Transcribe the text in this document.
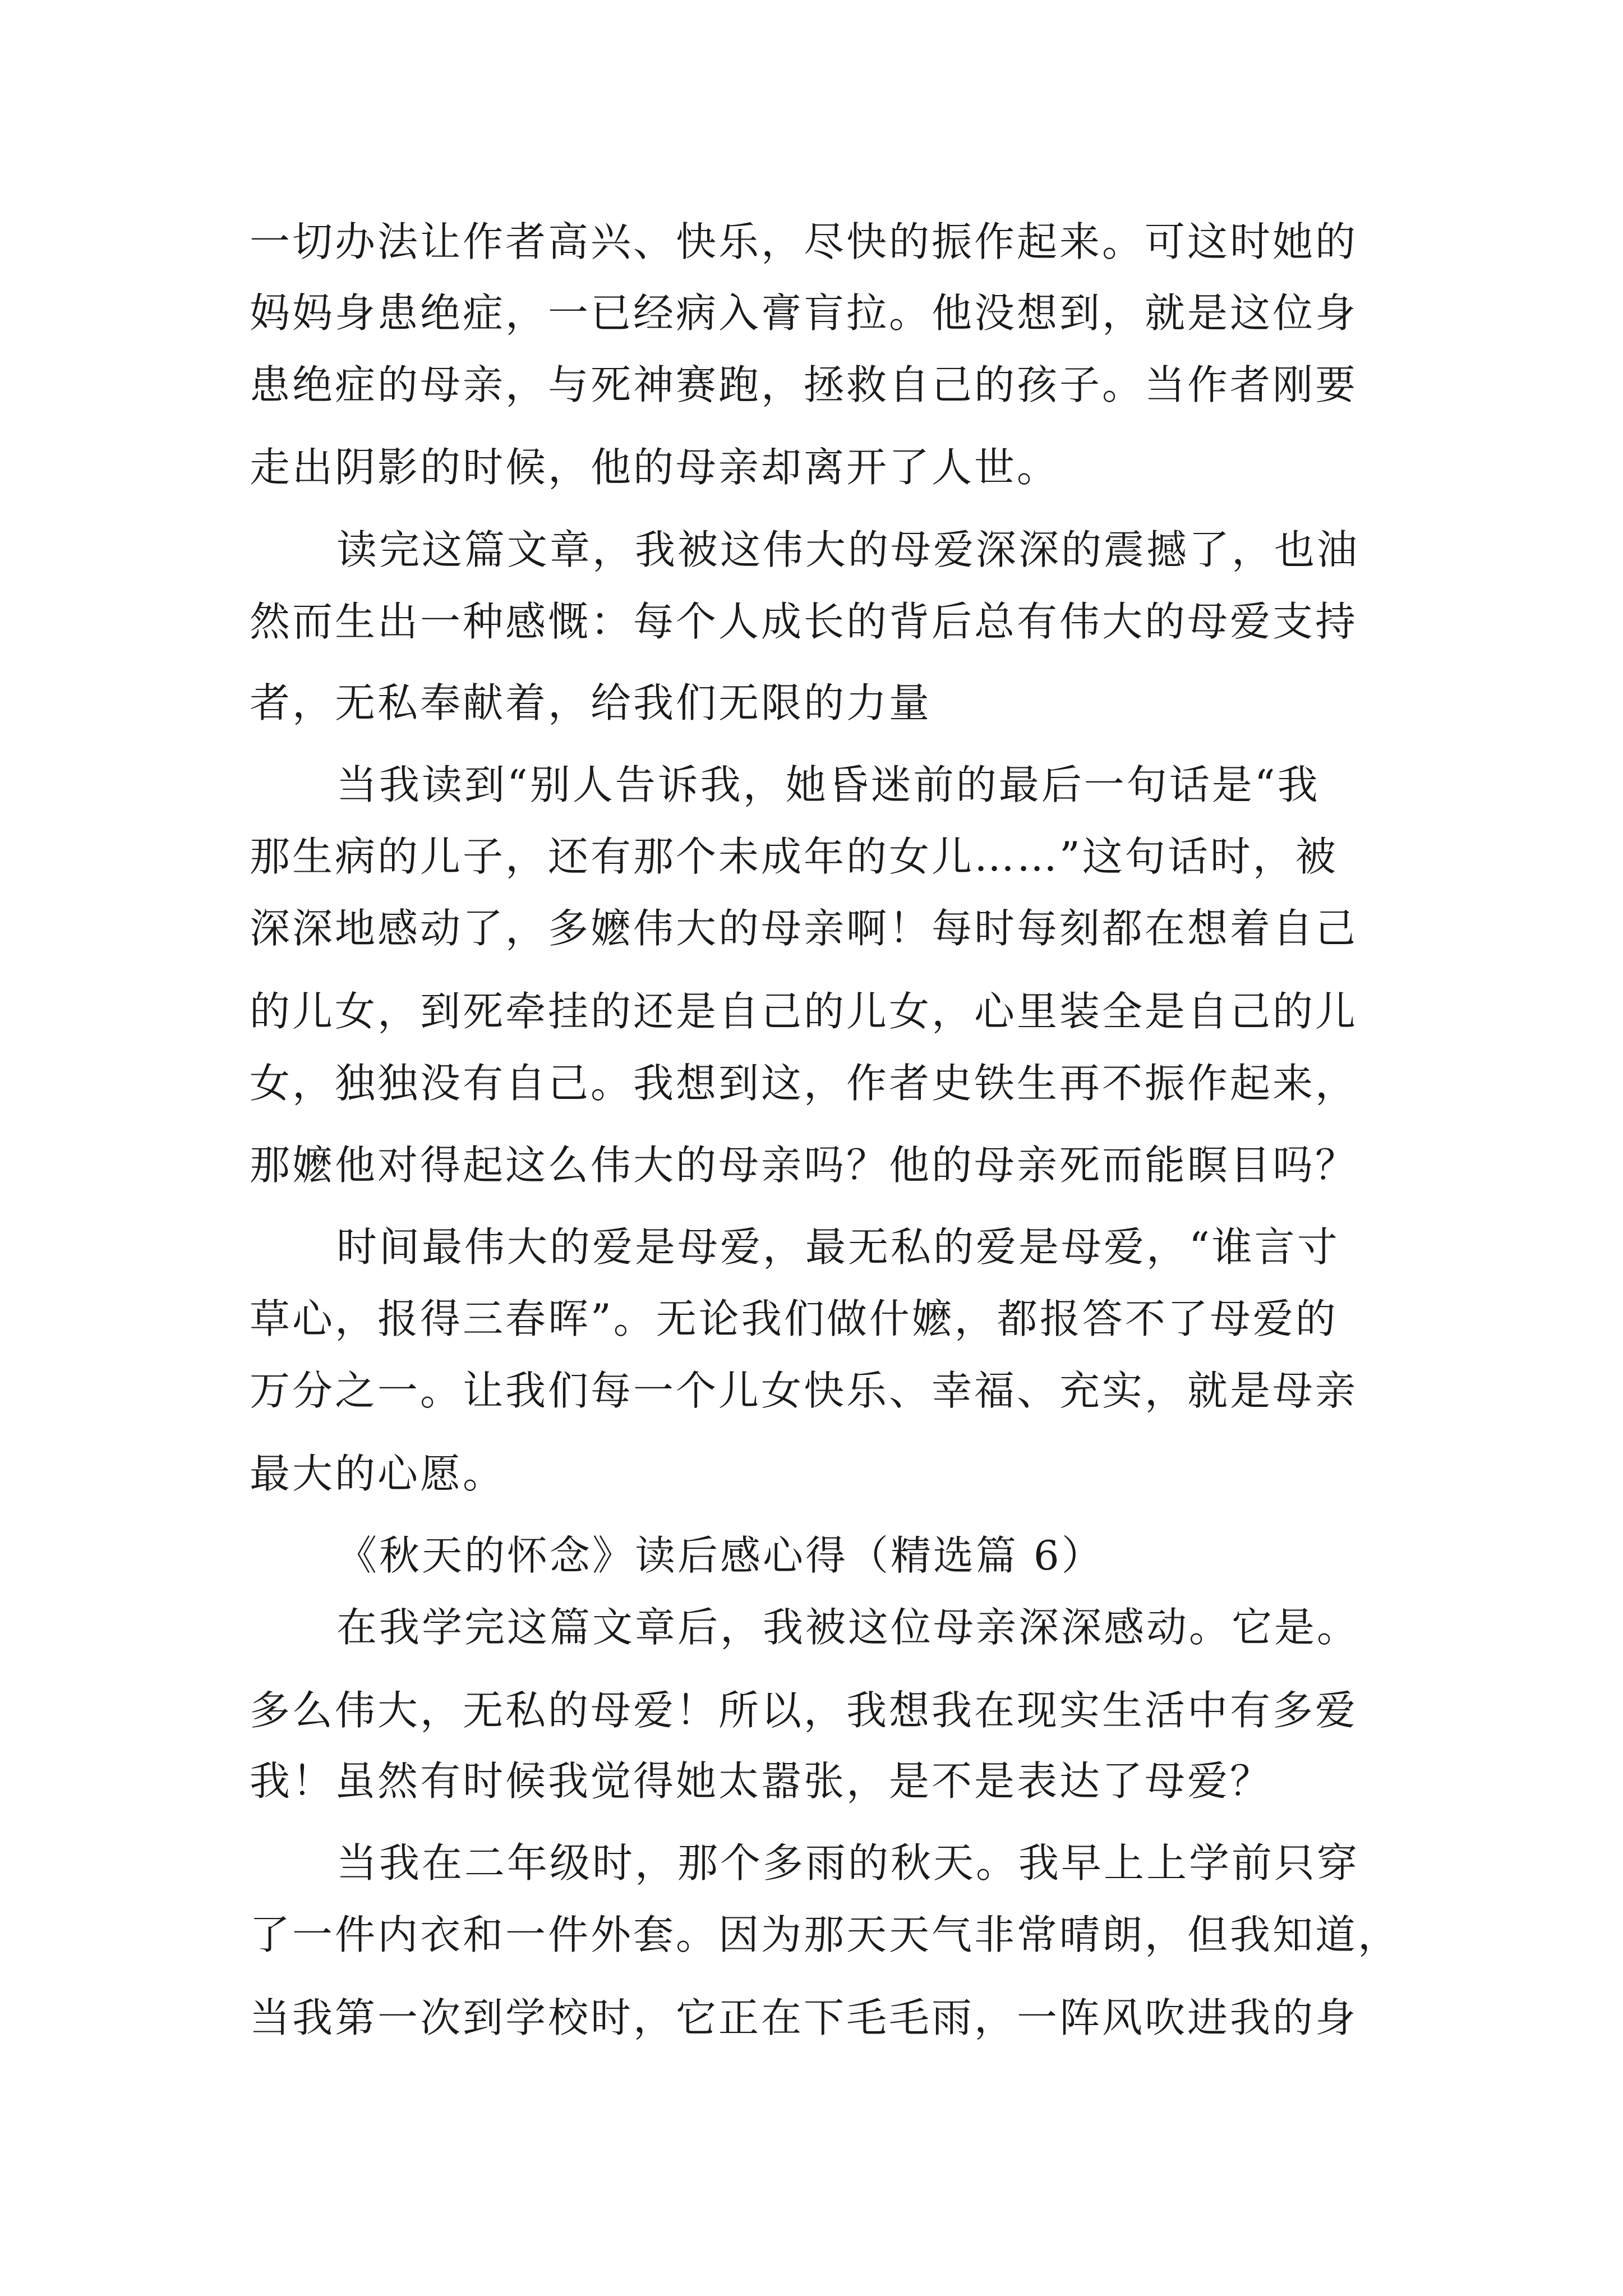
一切办法让作者高兴、快乐，尽快的振作起来。可这时她的
妈妈身患绝症，一已经病入膏肓拉。他没想到，就是这位身
患绝症的母亲，与死神赛跑，拯救自己的孩子。当作者刚要
走出阴影的时候，他的母亲却离开了人世。
读完这篇文章，我被这伟大的母爱深深的震撼了，也油
然而生出一种感慨：每个人成长的背后总有伟大的母爱支持
者，无私奉献着，给我们无限的力量
当我读到“别人告诉我，她昏迷前的最后一句话是“我
那生病的儿子，还有那个未成年的女儿……”这句话时，被
深深地感动了，多嬷伟大的母亲啊！每时每刻都在想着自己
的儿女，到死牵挂的还是自己的儿女，心里装全是自己的儿
女，独独没有自己。我想到这，作者史铁生再不振作起来，
那嬷他对得起这么伟大的母亲吗？他的母亲死而能瞑目吗？
时间最伟大的爱是母爱，最无私的爱是母爱，“谁言寸
草心，报得三春晖”。无论我们做什嬷，都报答不了母爱的
万分之一。让我们每一个儿女快乐、幸福、充实，就是母亲
最大的心愿。
《秋天的怀念》读后感心得（精选篇 6）
在我学完这篇文章后，我被这位母亲深深感动。它是。
多么伟大，无私的母爱！所以，我想我在现实生活中有多爱
我！虽然有时候我觉得她太嚣张，是不是表达了母爱？
当我在二年级时，那个多雨的秋天。我早上上学前只穿
了一件内衣和一件外套。因为那天天气非常晴朗，但我知道，
当我第一次到学校时，它正在下毛毛雨，一阵风吹进我的身
